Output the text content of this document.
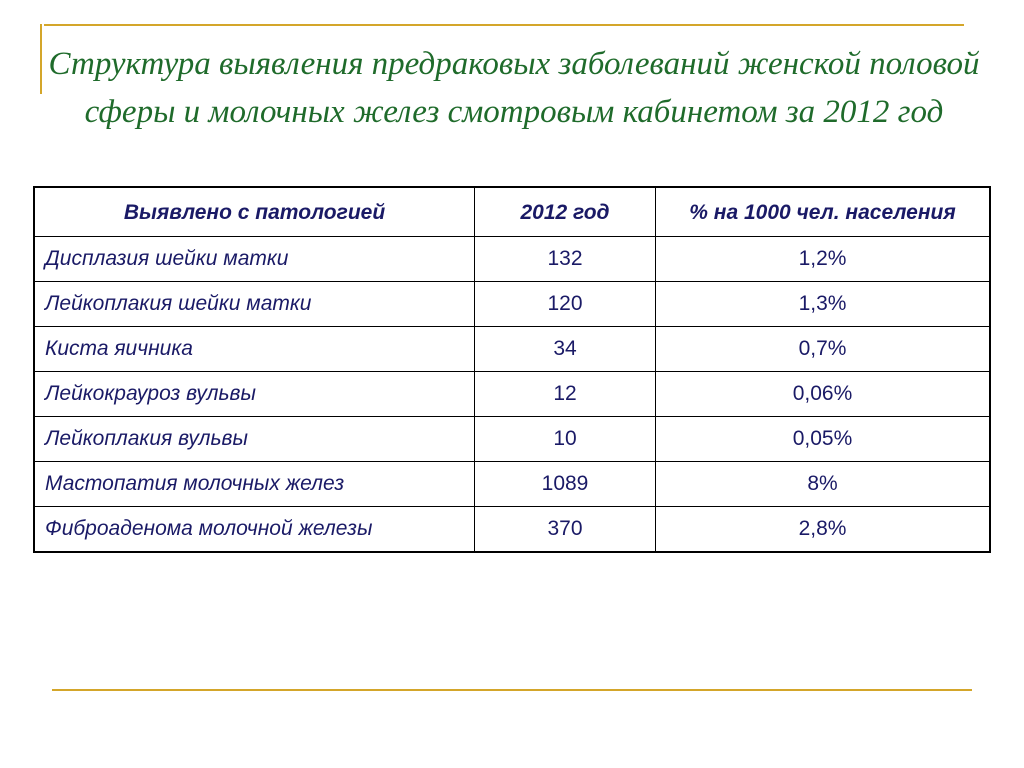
Структура выявления предраковых заболеваний женской половой сферы и молочных желез смотровым кабинетом за 2012 год
Выявлено с патологией	2012 год	% на 1000 чел. населения
Дисплазия шейки матки	132	1,2%
Лейкоплакия шейки матки	120	1,3%
Киста яичника	34	0,7%
Лейкокрауроз вульвы	12	0,06%
Лейкоплакия вульвы	10	0,05%
Мастопатия молочных желез	1089	8%
Фиброаденома молочной железы	370	2,8%
